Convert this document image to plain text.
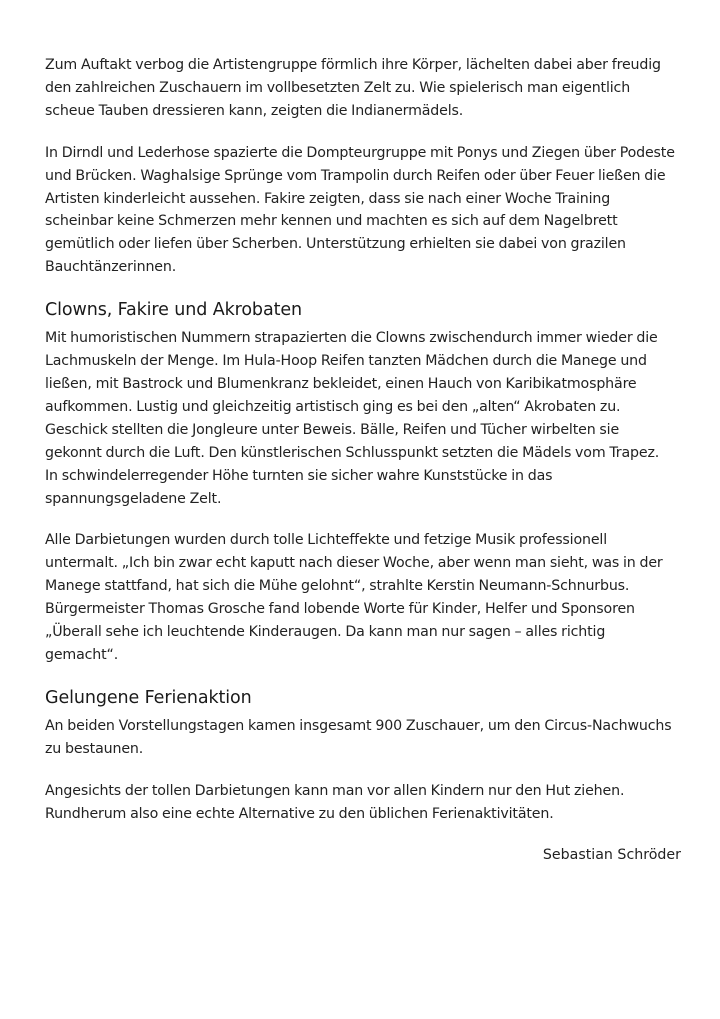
Zum Auftakt verbog die Artistengruppe förmlich ihre Körper, lächelten dabei aber freudig den zahlreichen Zuschauern im vollbesetzten Zelt zu. Wie spielerisch man eigentlich scheue Tauben dressieren kann, zeigten die Indianermädels.

In Dirndl und Lederhose spazierte die Dompteurgruppe mit Ponys und Ziegen über Podeste und Brücken. Waghalsige Sprünge vom Trampolin durch Reifen oder über Feuer ließen die Artisten kinderleicht aussehen. Fakire zeigten, dass sie nach einer Woche Training scheinbar keine Schmerzen mehr kennen und machten es sich auf dem Nagelbrett gemütlich oder liefen über Scherben. Unterstützung erhielten sie dabei von grazilen Bauchtänzerinnen.

Clowns, Fakire und Akrobaten

Mit humoristischen Nummern strapazierten die Clowns zwischendurch immer wieder die Lachmuskeln der Menge. Im Hula-Hoop Reifen tanzten Mädchen durch die Manege und ließen, mit Bastrock und Blumenkranz bekleidet, einen Hauch von Karibikatmosphäre aufkommen. Lustig und gleichzeitig artistisch ging es bei den „alten“ Akrobaten zu. Geschick stellten die Jongleure unter Beweis. Bälle, Reifen und Tücher wirbelten sie gekonnt durch die Luft. Den künstlerischen Schlusspunkt setzten die Mädels vom Trapez. In schwindelerregender Höhe turnten sie sicher wahre Kunststücke in das spannungsgeladene Zelt.

Alle Darbietungen wurden durch tolle Lichteffekte und fetzige Musik professionell untermalt. „Ich bin zwar echt kaputt nach dieser Woche, aber wenn man sieht, was in der Manege stattfand, hat sich die Mühe gelohnt“, strahlte Kerstin Neumann-Schnurbus. Bürgermeister Thomas Grosche fand lobende Worte für Kinder, Helfer und Sponsoren „Überall sehe ich leuchtende Kinderaugen. Da kann man nur sagen – alles richtig gemacht“.

Gelungene Ferienaktion

An beiden Vorstellungstagen kamen insgesamt 900 Zuschauer, um den Circus-Nachwuchs zu bestaunen.

Angesichts der tollen Darbietungen kann man vor allen Kindern nur den Hut ziehen. Rundherum also eine echte Alternative zu den üblichen Ferienaktivitäten.

Sebastian Schröder
